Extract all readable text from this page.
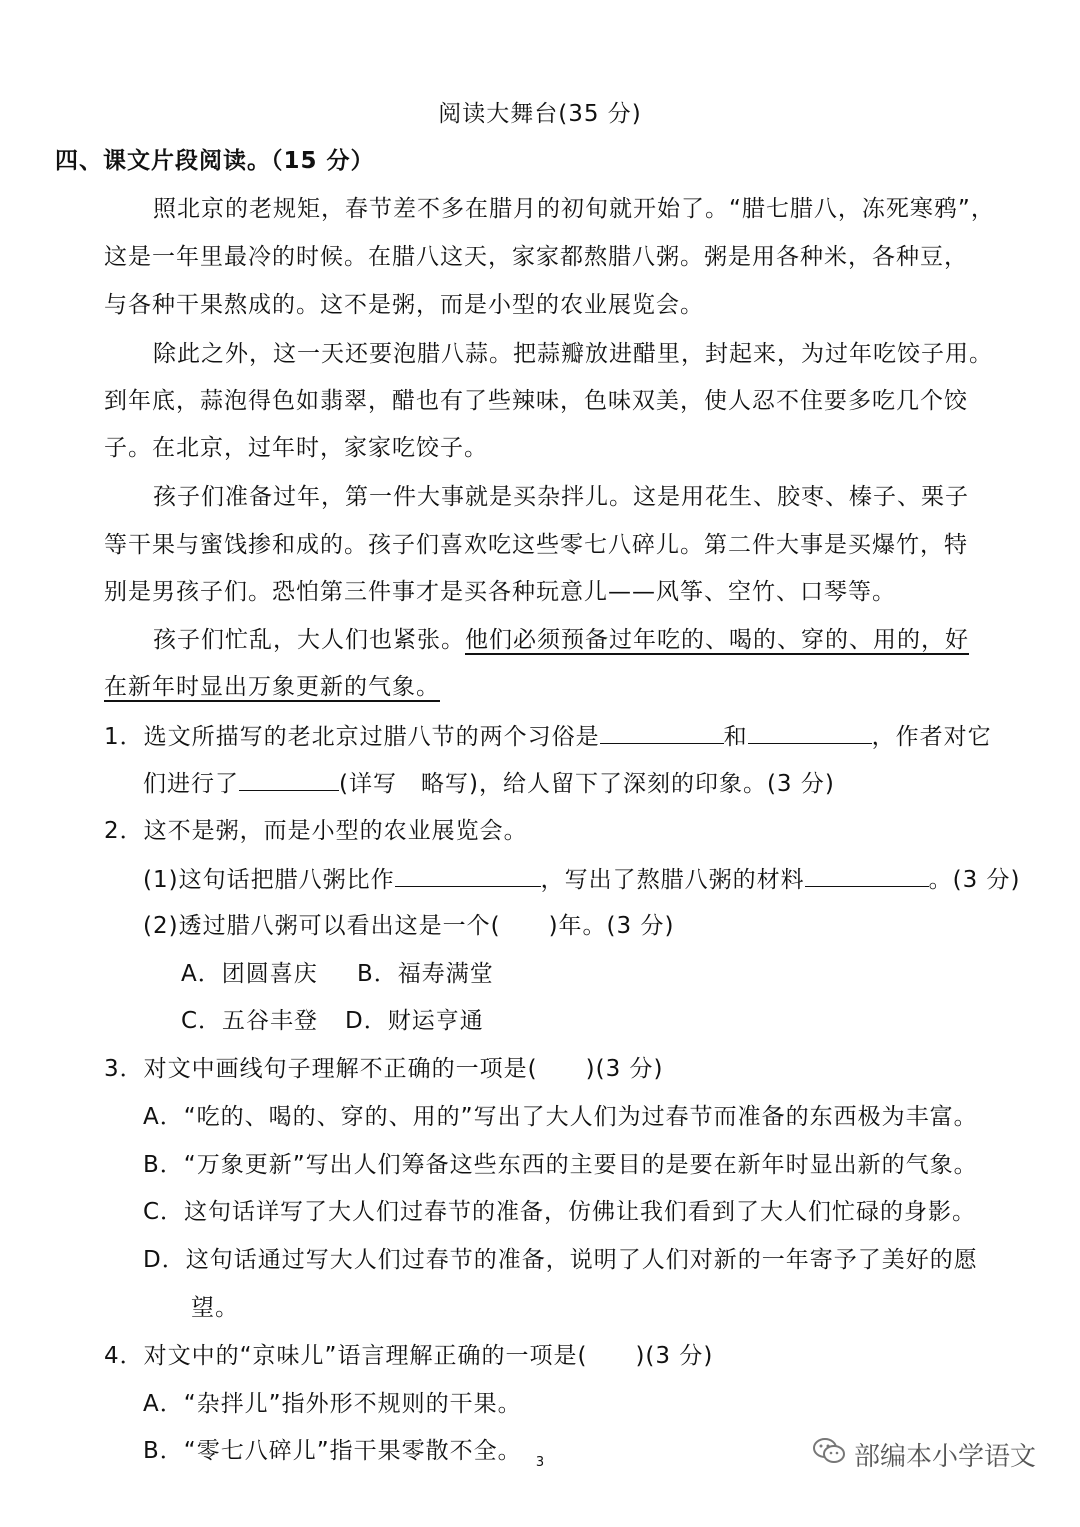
阅读大舞台(35 分)
四、课文片段阅读。（15 分）
照北京的老规矩，春节差不多在腊月的初旬就开始了。“腊七腊八，冻死寒鸦”，
这是一年里最冷的时候。在腊八这天，家家都熬腊八粥。粥是用各种米，各种豆，
与各种干果熬成的。这不是粥，而是小型的农业展览会。
除此之外，这一天还要泡腊八蒜。把蒜瓣放进醋里，封起来，为过年吃饺子用。
到年底，蒜泡得色如翡翠，醋也有了些辣味，色味双美，使人忍不住要多吃几个饺
子。在北京，过年时，家家吃饺子。
孩子们准备过年，第一件大事就是买杂拌儿。这是用花生、胶枣、榛子、栗子
等干果与蜜饯掺和成的。孩子们喜欢吃这些零七八碎儿。第二件大事是买爆竹，特
别是男孩子们。恐怕第三件事才是买各种玩意儿——风筝、空竹、口琴等。
孩子们忙乱，大人们也紧张。他们必须预备过年吃的、喝的、穿的、用的，好
在新年时显出万象更新的气象。
1．选文所描写的老北京过腊八节的两个习俗是	和	，作者对它
们进行了	(详写　略写)，给人留下了深刻的印象。(3 分)
2．这不是粥，而是小型的农业展览会。
(1)这句话把腊八粥比作	，写出了熬腊八粥的材料	。(3 分)
(2)透过腊八粥可以看出这是一个( )年。(3 分)
A．团圆喜庆 B．福寿满堂
C．五谷丰登 D．财运亨通
3．对文中画线句子理解不正确的一项是( )(3 分)
A．“吃的、喝的、穿的、用的”写出了大人们为过春节而准备的东西极为丰富。
B．“万象更新”写出人们筹备这些东西的主要目的是要在新年时显出新的气象。
C．这句话详写了大人们过春节的准备，仿佛让我们看到了大人们忙碌的身影。
D．这句话通过写大人们过春节的准备，说明了人们对新的一年寄予了美好的愿
望。
4．对文中的“京味儿”语言理解正确的一项是( )(3 分)
A．“杂拌儿”指外形不规则的干果。
B．“零七八碎儿”指干果零散不全。	3	部编本小学语文
